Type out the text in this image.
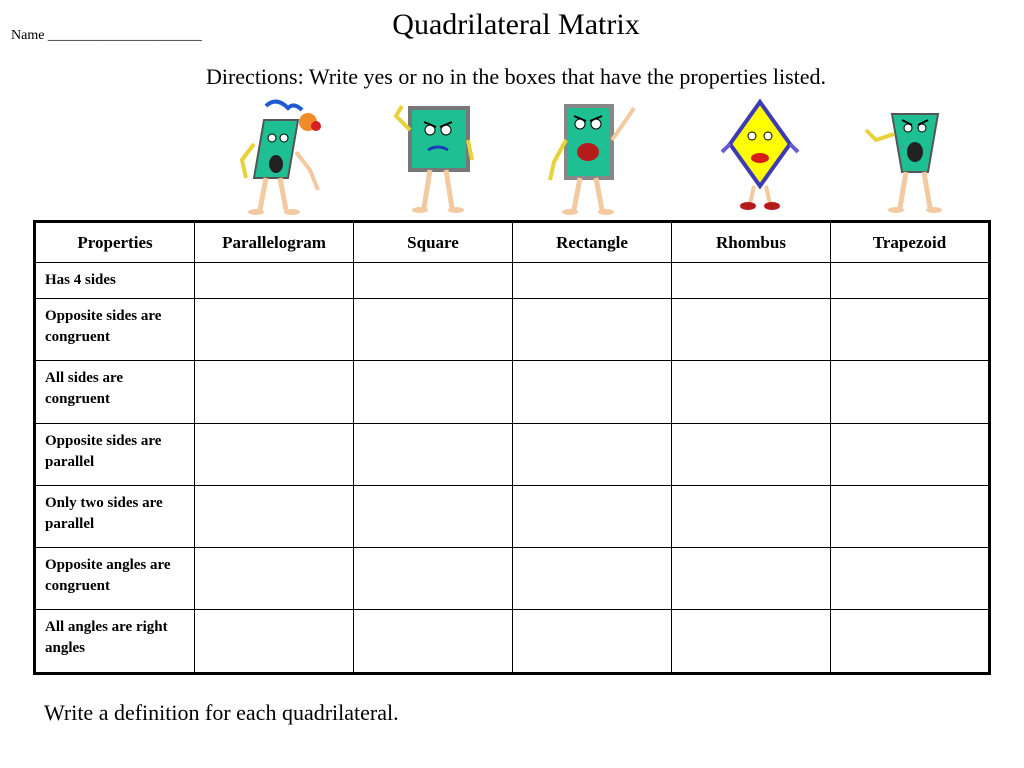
Name ______________________	Quadrilateral Matrix
Directions: Write yes or no in the boxes that have the properties listed.
Properties	Parallelogram	Square	Rectangle	Rhombus	Trapezoid
Has 4 sides					
Opposite sides are congruent					
All sides are congruent					
Opposite sides are parallel					
Only two sides are parallel					
Opposite angles are congruent					
All angles are right angles					
Write a definition for each quadrilateral.
